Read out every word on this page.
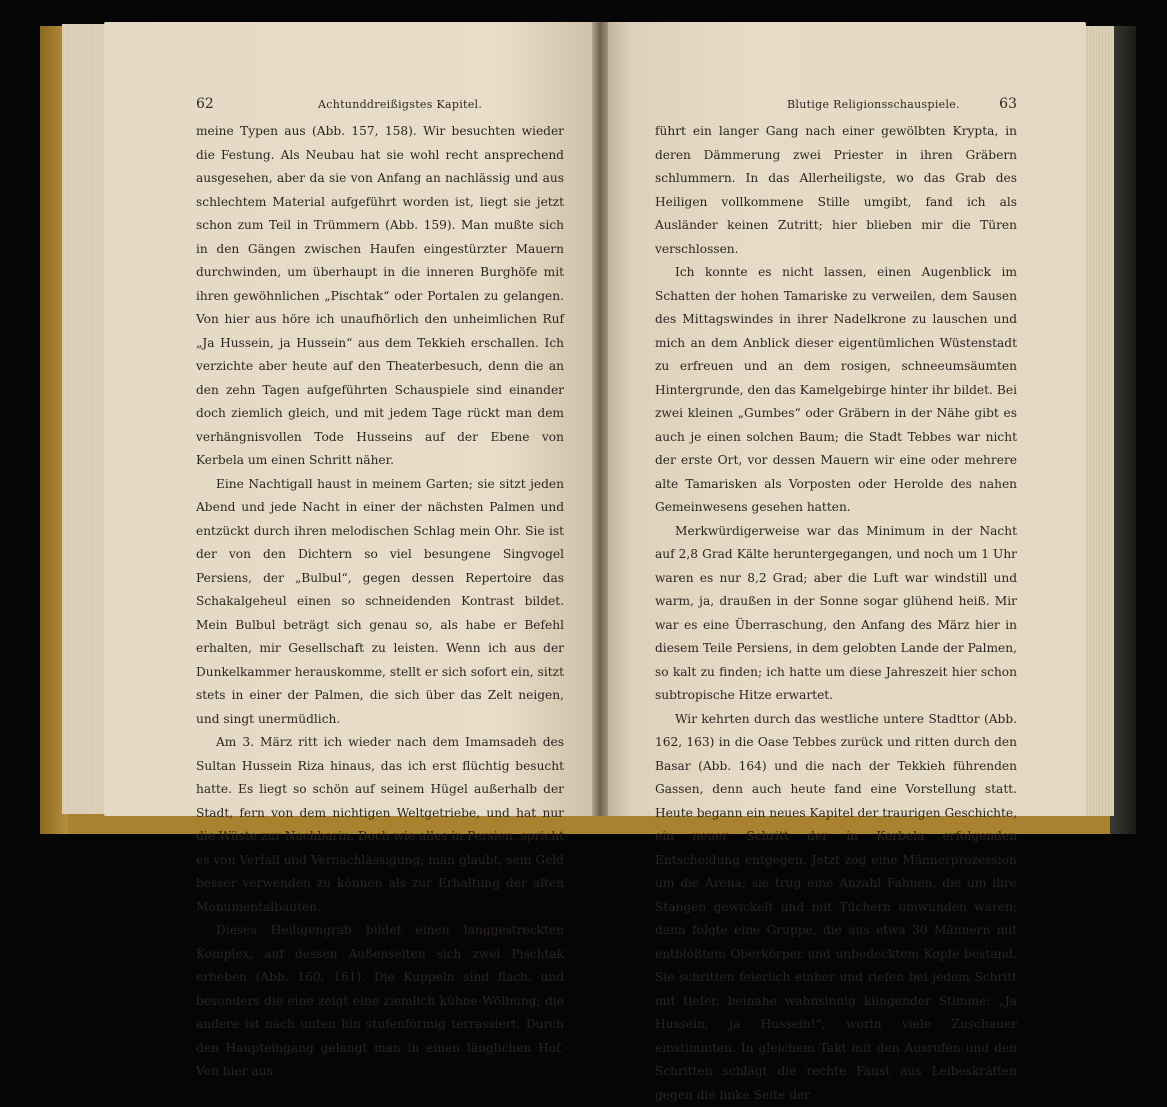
62	Achtunddreißigstes Kapitel.

meine Typen aus (Abb. 157, 158). Wir besuchten wieder die Festung. Als Neubau hat sie wohl recht ansprechend ausgesehen, aber da sie von Anfang an nachlässig und aus schlechtem Material aufgeführt worden ist, liegt sie jetzt schon zum Teil in Trümmern (Abb. 159). Man mußte sich in den Gängen zwischen Haufen eingestürzter Mauern durchwinden, um überhaupt in die inneren Burghöfe mit ihren gewöhnlichen „Pischtak“ oder Portalen zu gelangen. Von hier aus höre ich unaufhörlich den unheimlichen Ruf „Ja Hussein, ja Hussein“ aus dem Tekkieh erschallen. Ich verzichte aber heute auf den Theaterbesuch, denn die an den zehn Tagen aufgeführten Schauspiele sind einander doch ziemlich gleich, und mit jedem Tage rückt man dem verhängnisvollen Tode Husseins auf der Ebene von Kerbela um einen Schritt näher.

Eine Nachtigall haust in meinem Garten; sie sitzt jeden Abend und jede Nacht in einer der nächsten Palmen und entzückt durch ihren melodischen Schlag mein Ohr. Sie ist der von den Dichtern so viel besungene Singvogel Persiens, der „Bulbul“, gegen dessen Repertoire das Schakalgeheul einen so schneidenden Kontrast bildet. Mein Bulbul beträgt sich genau so, als habe er Befehl erhalten, mir Gesellschaft zu leisten. Wenn ich aus der Dunkelkammer herauskomme, stellt er sich sofort ein, sitzt stets in einer der Palmen, die sich über das Zelt neigen, und singt unermüdlich.

Am 3. März ritt ich wieder nach dem Imamsadeh des Sultan Hussein Riza hinaus, das ich erst flüchtig besucht hatte. Es liegt so schön auf seinem Hügel außerhalb der Stadt, fern von dem nichtigen Weltgetriebe, und hat nur die Wüste zur Nachbarin. Doch wie alles in Persien, spricht es von Verfall und Vernachlässigung; man glaubt, sein Geld besser verwenden zu können als zur Erhaltung der alten Monumentalbauten.

Dieses Heiligengrab bildet einen langgestreckten Komplex, auf dessen Außenseiten sich zwei Pischtak erheben (Abb. 160, 161). Die Kuppeln sind flach, und besonders die eine zeigt eine ziemlich kühne Wölbung; die andere ist nach unten hin stufenförmig terrassiert. Durch den Haupteingang gelangt man in einen länglichen Hof. Von hier aus

Blutige Religionsschauspiele.	63

führt ein langer Gang nach einer gewölbten Krypta, in deren Dämmerung zwei Priester in ihren Gräbern schlummern. In das Allerheiligste, wo das Grab des Heiligen vollkommene Stille umgibt, fand ich als Ausländer keinen Zutritt; hier blieben mir die Türen verschlossen.

Ich konnte es nicht lassen, einen Augenblick im Schatten der hohen Tamariske zu verweilen, dem Sausen des Mittagswindes in ihrer Nadelkrone zu lauschen und mich an dem Anblick dieser eigentümlichen Wüstenstadt zu erfreuen und an dem rosigen, schneeumsäumten Hintergrunde, den das Kamelgebirge hinter ihr bildet. Bei zwei kleinen „Gumbes“ oder Gräbern in der Nähe gibt es auch je einen solchen Baum; die Stadt Tebbes war nicht der erste Ort, vor dessen Mauern wir eine oder mehrere alte Tamarisken als Vorposten oder Herolde des nahen Gemeinwesens gesehen hatten.

Merkwürdigerweise war das Minimum in der Nacht auf 2,8 Grad Kälte heruntergegangen, und noch um 1 Uhr waren es nur 8,2 Grad; aber die Luft war windstill und warm, ja, draußen in der Sonne sogar glühend heiß. Mir war es eine Überraschung, den Anfang des März hier in diesem Teile Persiens, in dem gelobten Lande der Palmen, so kalt zu finden; ich hatte um diese Jahreszeit hier schon subtropische Hitze erwartet.

Wir kehrten durch das westliche untere Stadttor (Abb. 162, 163) in die Oase Tebbes zurück und ritten durch den Basar (Abb. 164) und die nach der Tekkieh führenden Gassen, denn auch heute fand eine Vorstellung statt. Heute begann ein neues Kapitel der traurigen Geschichte, ein neuer Schritt der in Kerbela erfolgenden Entscheidung entgegen. Jetzt zog eine Männerprozession um die Arena; sie trug eine Anzahl Fahnen, die um ihre Stangen gewickelt und mit Tüchern umwunden waren; dann folgte eine Gruppe, die aus etwa 30 Männern mit entblößtem Oberkörper und unbedecktem Kopfe bestand. Sie schritten feierlich einher und riefen bei jedem Schritt mit tiefer, beinahe wahnsinnig klingender Stimme: „Ja Hussein, ja Hussein!“, worin viele Zuschauer einstimmten. In gleichem Takt mit den Ausrufen und den Schritten schlägt die rechte Faust aus Leibeskräften gegen die linke Seite der
